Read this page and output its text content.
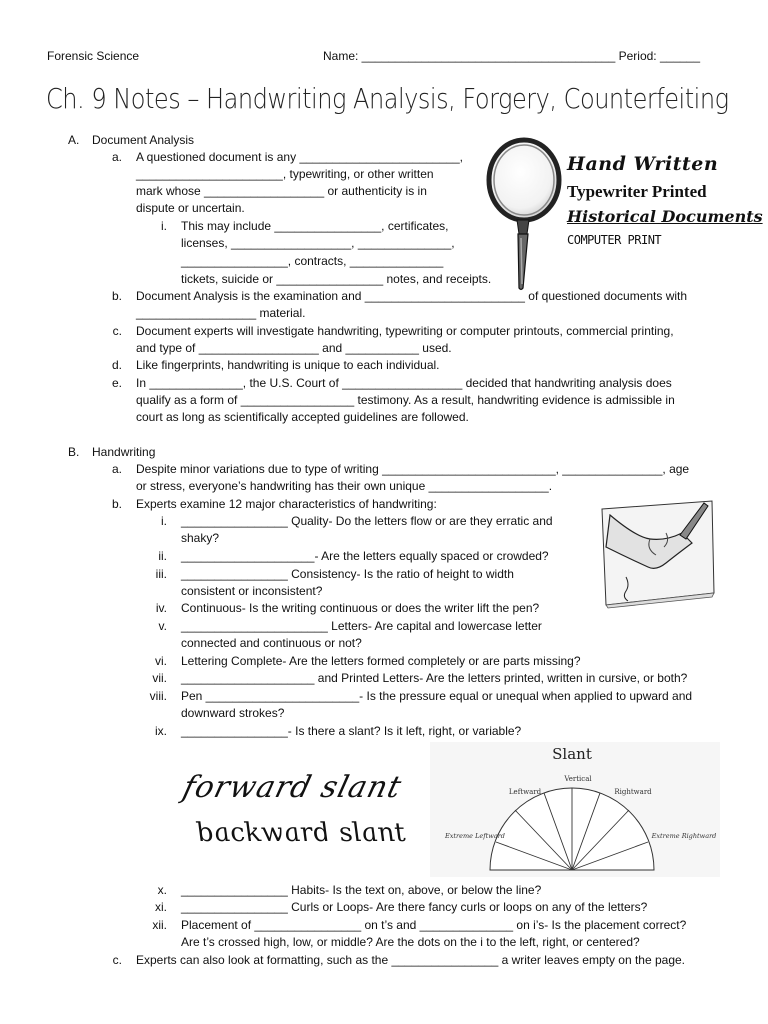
Forensic Science	Name: ______________________________________ Period: ______
Ch. 9 Notes – Handwriting Analysis, Forgery, Counterfeiting
A. Document Analysis
a. A questioned document is any ________________________,
______________________, typewriting, or other written
mark whose __________________ or authenticity is in
dispute or uncertain.
i. This may include ________________, certificates,
licenses, __________________, ______________,
________________, contracts, ______________
tickets, suicide or ________________ notes, and receipts.
b. Document Analysis is the examination and ________________________ of questioned documents with
__________________ material.
c. Document experts will investigate handwriting, typewriting or computer printouts, commercial printing,
and type of __________________ and ___________ used.
d. Like fingerprints, handwriting is unique to each individual.
e. In ______________, the U.S. Court of __________________ decided that handwriting analysis does
qualify as a form of _________________ testimony. As a result, handwriting evidence is admissible in
court as long as scientifically accepted guidelines are followed.
Hand Written
Typewriter Printed
Historical Documents
COMPUTER PRINT
B. Handwriting
a. Despite minor variations due to type of writing __________________________, _______________, age
or stress, everyone’s handwriting has their own unique __________________.
b. Experts examine 12 major characteristics of handwriting:
i. ________________ Quality- Do the letters flow or are they erratic and
shaky?
ii. ____________________- Are the letters equally spaced or crowded?
iii. ________________ Consistency- Is the ratio of height to width
consistent or inconsistent?
iv. Continuous- Is the writing continuous or does the writer lift the pen?
v. ______________________ Letters- Are capital and lowercase letter
connected and continuous or not?
vi. Lettering Complete- Are the letters formed completely or are parts missing?
vii. ____________________ and Printed Letters- Are the letters printed, written in cursive, or both?
viii. Pen _______________________- Is the pressure equal or unequal when applied to upward and
downward strokes?
ix. ________________- Is there a slant? Is it left, right, or variable?
forward slant
backward slant
Slant
Vertical
Leftward	Rightward
Extreme Leftward	Extreme Rightward
x. ________________ Habits- Is the text on, above, or below the line?
xi. ________________ Curls or Loops- Are there fancy curls or loops on any of the letters?
xii. Placement of ________________ on t’s and ______________ on i’s- Is the placement correct?
Are t’s crossed high, low, or middle? Are the dots on the i to the left, right, or centered?
c. Experts can also look at formatting, such as the ________________ a writer leaves empty on the page.
